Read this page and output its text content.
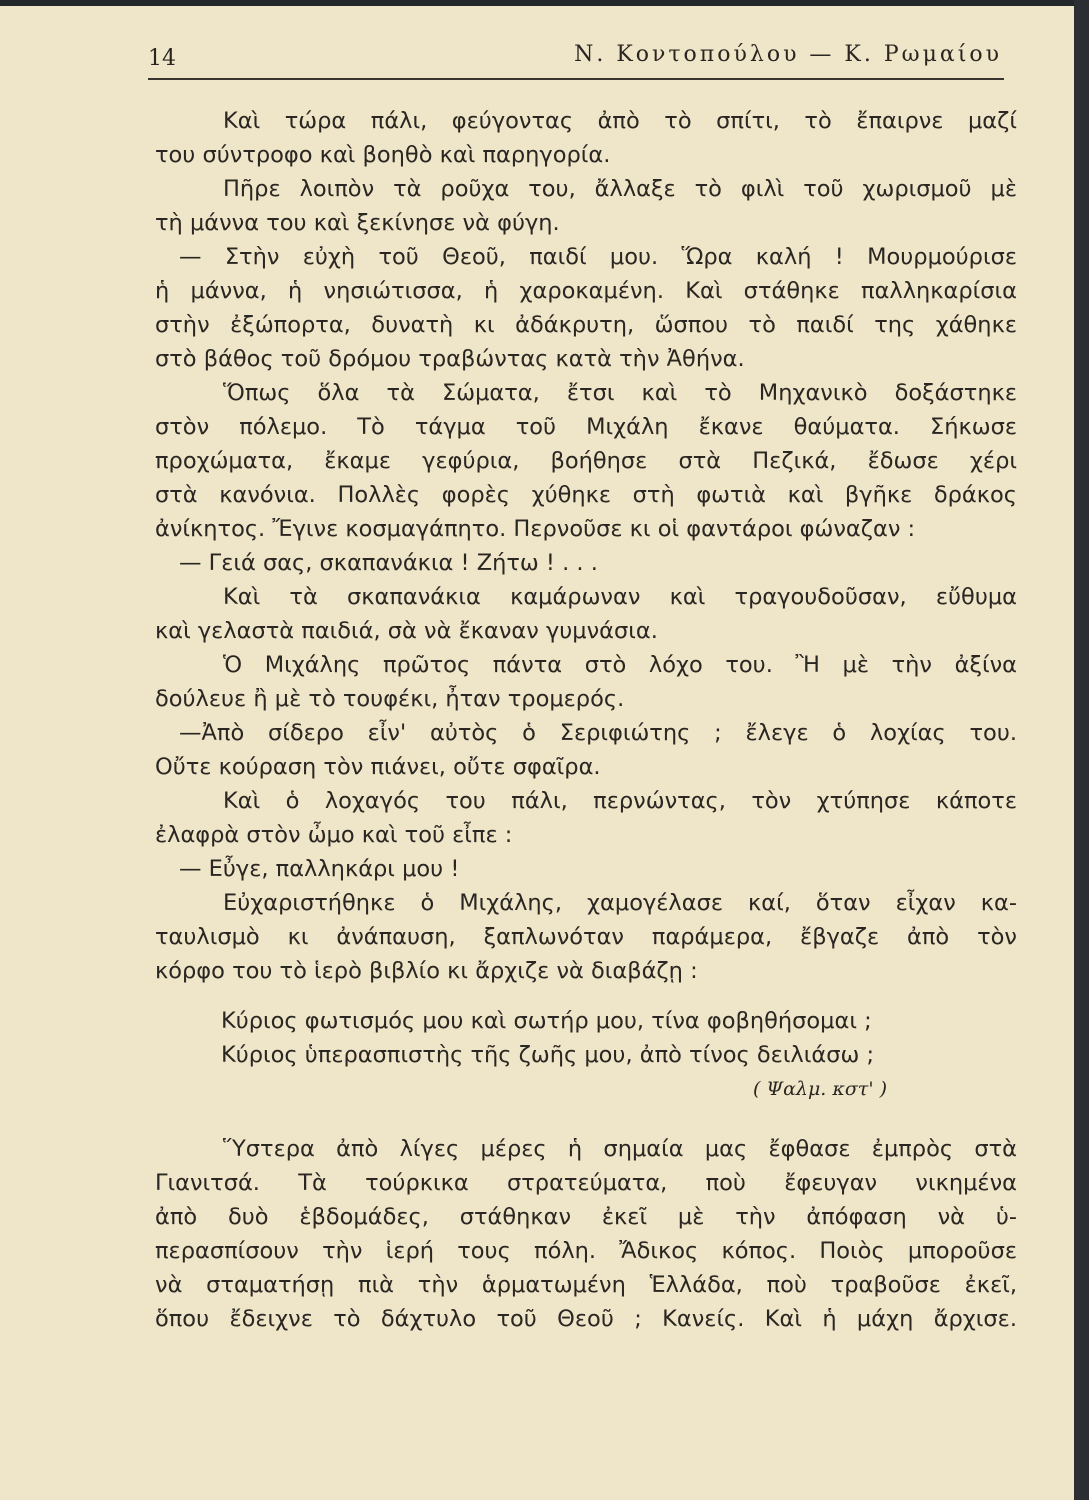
14	Ν. Κοντοπούλου — Κ. Ρωμαίου
Καὶ τώρα πάλι, φεύγοντας ἀπὸ τὸ σπίτι, τὸ ἔπαιρνε μαζί
του σύντροφο καὶ βοηθὸ καὶ παρηγορία.
Πῆρε λοιπὸν τὰ ροῦχα του, ἄλλαξε τὸ φιλὶ τοῦ χωρισμοῦ μὲ
τὴ μάννα του καὶ ξεκίνησε νὰ φύγη.
— Στὴν εὐχὴ τοῦ Θεοῦ, παιδί μου. Ὥρα καλή ! Μουρμούρισε
ἡ μάννα, ἡ νησιώτισσα, ἡ χαροκαμένη. Καὶ στάθηκε παλληκαρίσια
στὴν ἐξώπορτα, δυνατὴ κι ἀδάκρυτη, ὥσπου τὸ παιδί της χάθηκε
στὸ βάθος τοῦ δρόμου τραβώντας κατὰ τὴν Ἀθήνα.
Ὅπως ὅλα τὰ Σώματα, ἔτσι καὶ τὸ Μηχανικὸ δοξάστηκε
στὸν πόλεμο. Τὸ τάγμα τοῦ Μιχάλη ἔκανε θαύματα. Σήκωσε
προχώματα, ἔκαμε γεφύρια, βοήθησε στὰ Πεζικά, ἔδωσε χέρι
στὰ κανόνια. Πολλὲς φορὲς χύθηκε στὴ φωτιὰ καὶ βγῆκε δράκος
ἀνίκητος. Ἔγινε κοσμαγάπητο. Περνοῦσε κι οἱ φαντάροι φώναζαν :
— Γειά σας, σκαπανάκια ! Ζήτω ! . . .
Καὶ τὰ σκαπανάκια καμάρωναν καὶ τραγουδοῦσαν, εὔθυμα
καὶ γελαστὰ παιδιά, σὰ νὰ ἔκαναν γυμνάσια.
Ὁ Μιχάλης πρῶτος πάντα στὸ λόχο του. Ἢ μὲ τὴν ἀξίνα
δούλευε ἢ μὲ τὸ τουφέκι, ἦταν τρομερός.
—Ἀπὸ σίδερο εἶν' αὐτὸς ὁ Σεριφιώτης ; ἔλεγε ὁ λοχίας του.
Οὔτε κούραση τὸν πιάνει, οὔτε σφαῖρα.
Καὶ ὁ λοχαγός του πάλι, περνώντας, τὸν χτύπησε κάποτε
ἐλαφρὰ στὸν ὦμο καὶ τοῦ εἶπε :
— Εὖγε, παλληκάρι μου !
Εὐχαριστήθηκε ὁ Μιχάλης, χαμογέλασε καί, ὅταν εἶχαν κα-
ταυλισμὸ κι ἀνάπαυση, ξαπλωνόταν παράμερα, ἔβγαζε ἀπὸ τὸν
κόρφο του τὸ ἱερὸ βιβλίο κι ἄρχιζε νὰ διαβάζῃ :
Κύριος φωτισμός μου καὶ σωτήρ μου, τίνα φοβηθήσομαι ;
Κύριος ὑπερασπιστὴς τῆς ζωῆς μου, ἀπὸ τίνος δειλιάσω ;
( Ψαλμ. κστ' )
Ὕστερα ἀπὸ λίγες μέρες ἡ σημαία μας ἔφθασε ἐμπρὸς στὰ
Γιανιτσά. Τὰ τούρκικα στρατεύματα, ποὺ ἔφευγαν νικημένα
ἀπὸ δυὸ ἑβδομάδες, στάθηκαν ἐκεῖ μὲ τὴν ἀπόφαση νὰ ὑ-
περασπίσουν τὴν ἱερή τους πόλη. Ἄδικος κόπος. Ποιὸς μποροῦσε
νὰ σταματήσῃ πιὰ τὴν ἁρματωμένη Ἑλλάδα, ποὺ τραβοῦσε ἐκεῖ,
ὅπου ἔδειχνε τὸ δάχτυλο τοῦ Θεοῦ ; Κανείς. Καὶ ἡ μάχη ἄρχισε.
